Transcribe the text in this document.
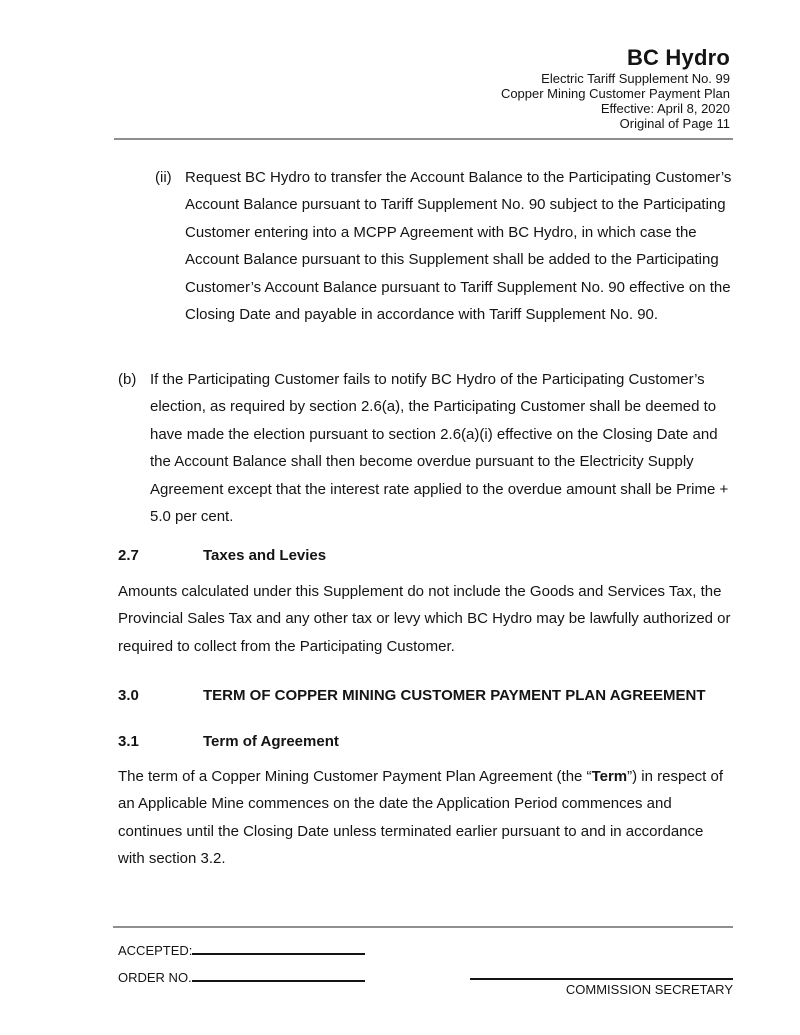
BC Hydro
Electric Tariff Supplement No. 99
Copper Mining Customer Payment Plan
Effective: April 8, 2020
Original of Page 11
(ii) Request BC Hydro to transfer the Account Balance to the Participating Customer’s Account Balance pursuant to Tariff Supplement No. 90 subject to the Participating Customer entering into a MCPP Agreement with BC Hydro, in which case the Account Balance pursuant to this Supplement shall be added to the Participating Customer’s Account Balance pursuant to Tariff Supplement No. 90 effective on the Closing Date and payable in accordance with Tariff Supplement No. 90.
(b) If the Participating Customer fails to notify BC Hydro of the Participating Customer’s election, as required by section 2.6(a), the Participating Customer shall be deemed to have made the election pursuant to section 2.6(a)(i) effective on the Closing Date and the Account Balance shall then become overdue pursuant to the Electricity Supply Agreement except that the interest rate applied to the overdue amount shall be Prime + 5.0 per cent.
2.7	Taxes and Levies
Amounts calculated under this Supplement do not include the Goods and Services Tax, the Provincial Sales Tax and any other tax or levy which BC Hydro may be lawfully authorized or required to collect from the Participating Customer.
3.0	TERM OF COPPER MINING CUSTOMER PAYMENT PLAN AGREEMENT
3.1	Term of Agreement
The term of a Copper Mining Customer Payment Plan Agreement (the “Term”) in respect of an Applicable Mine commences on the date the Application Period commences and continues until the Closing Date unless terminated earlier pursuant to and in accordance with section 3.2.
ACCEPTED:
ORDER NO.
COMMISSION SECRETARY
